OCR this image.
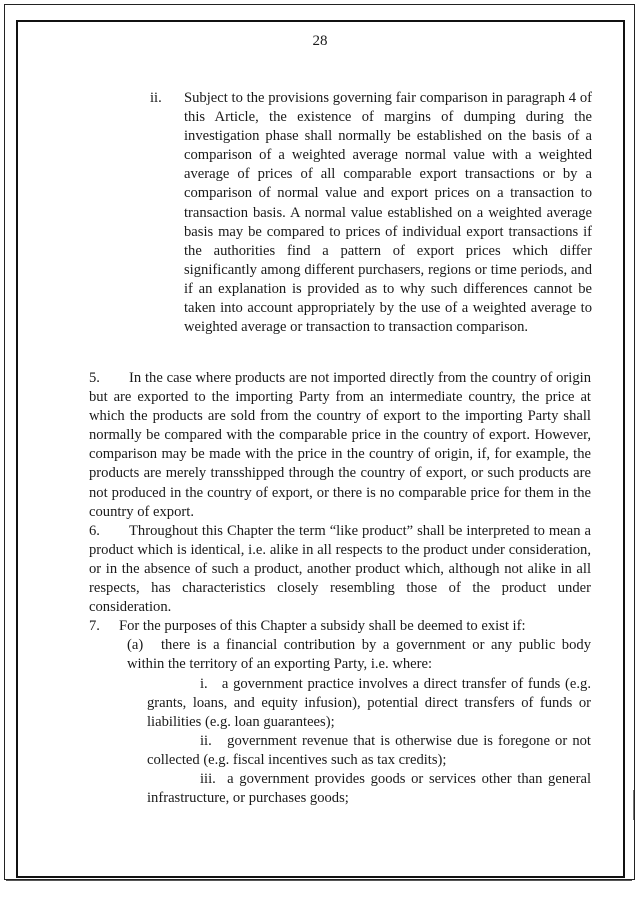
28
ii.	Subject to the provisions governing fair comparison in paragraph 4 of this Article, the existence of margins of dumping during the investigation phase shall normally be established on the basis of a comparison of a weighted average normal value with a weighted average of prices of all comparable export transactions or by a comparison of normal value and export prices on a transaction to transaction basis. A normal value established on a weighted average basis may be compared to prices of individual export transactions if the authorities find a pattern of export prices which differ significantly among different purchasers, regions or time periods, and if an explanation is provided as to why such differences cannot be taken into account appropriately by the use of a weighted average to weighted average or transaction to transaction comparison.

5. In the case where products are not imported directly from the country of origin but are exported to the importing Party from an intermediate country, the price at which the products are sold from the country of export to the importing Party shall normally be compared with the comparable price in the country of export. However, comparison may be made with the price in the country of origin, if, for example, the products are merely transshipped through the country of export, or such products are not produced in the country of export, or there is no comparable price for them in the country of export.

6. Throughout this Chapter the term “like product” shall be interpreted to mean a product which is identical, i.e. alike in all respects to the product under consideration, or in the absence of such a product, another product which, although not alike in all respects, has characteristics closely resembling those of the product under consideration.

7. For the purposes of this Chapter a subsidy shall be deemed to exist if:

(a) there is a financial contribution by a government or any public body within the territory of an exporting Party, i.e. where:

i. a government practice involves a direct transfer of funds (e.g. grants, loans, and equity infusion), potential direct transfers of funds or liabilities (e.g. loan guarantees);

ii. government revenue that is otherwise due is foregone or not collected (e.g. fiscal incentives such as tax credits);

iii. a government provides goods or services other than general infrastructure, or purchases goods;
